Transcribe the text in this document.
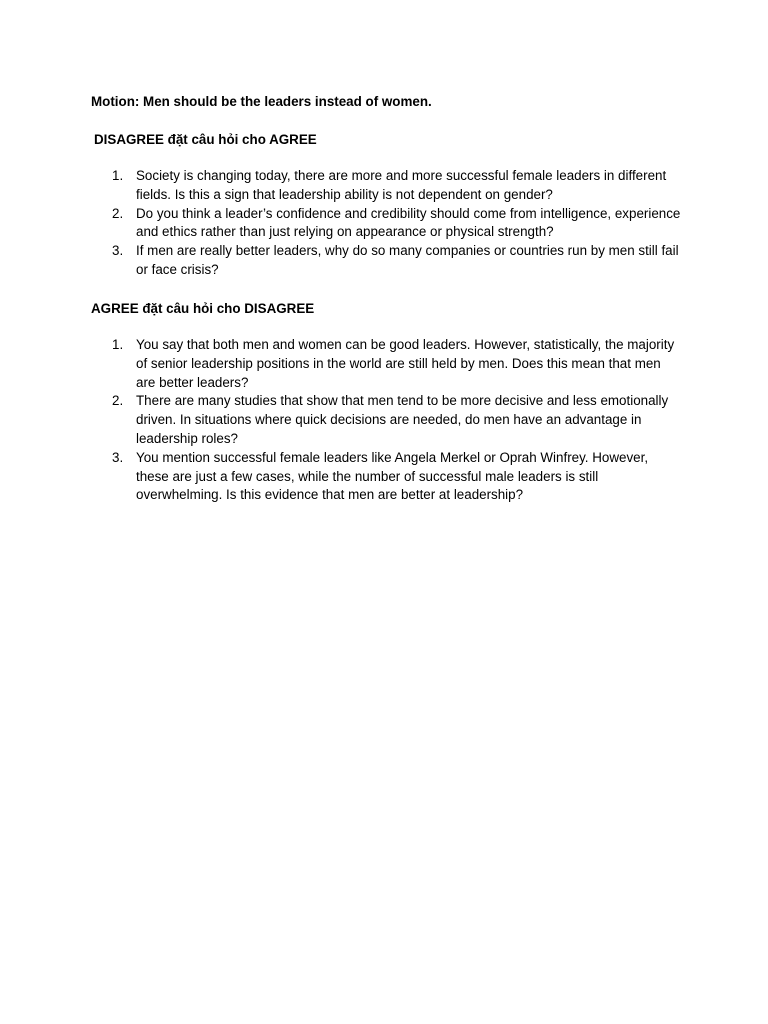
Motion: Men should be the leaders instead of women.
DISAGREE đặt câu hỏi cho AGREE
1. Society is changing today, there are more and more successful female leaders in different fields. Is this a sign that leadership ability is not dependent on gender?
2. Do you think a leader’s confidence and credibility should come from intelligence, experience and ethics rather than just relying on appearance or physical strength?
3. If men are really better leaders, why do so many companies or countries run by men still fail or face crisis?
AGREE đặt câu hỏi cho DISAGREE
1. You say that both men and women can be good leaders. However, statistically, the majority of senior leadership positions in the world are still held by men. Does this mean that men are better leaders?
2. There are many studies that show that men tend to be more decisive and less emotionally driven. In situations where quick decisions are needed, do men have an advantage in leadership roles?
3. You mention successful female leaders like Angela Merkel or Oprah Winfrey. However, these are just a few cases, while the number of successful male leaders is still overwhelming. Is this evidence that men are better at leadership?
